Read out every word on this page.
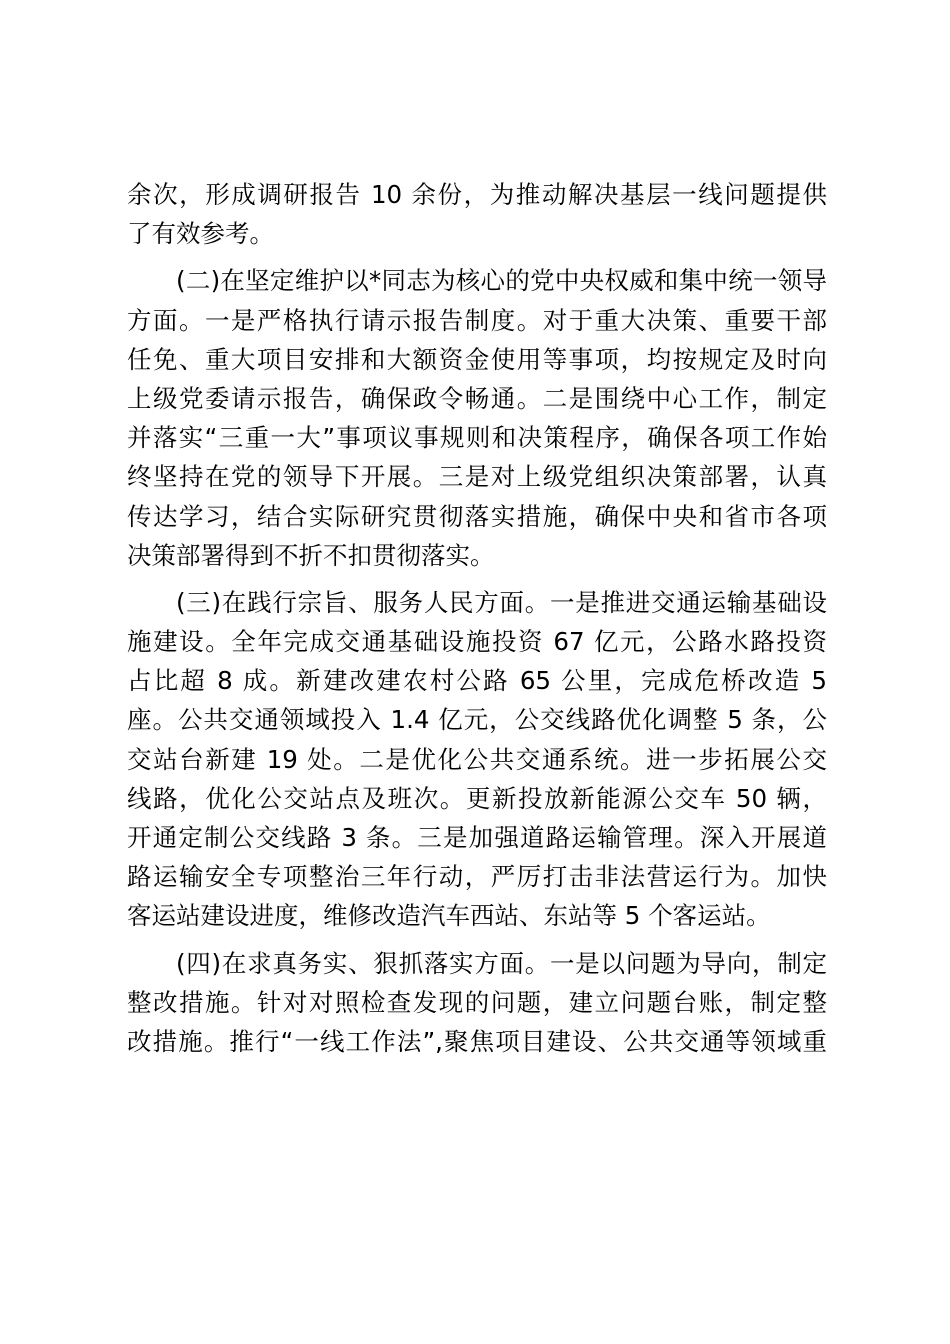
余次，形成调研报告 10 余份，为推动解决基层一线问题提供
了有效参考。
(二)在坚定维护以*同志为核心的党中央权威和集中统一领导
方面。一是严格执行请示报告制度。对于重大决策、重要干部
任免、重大项目安排和大额资金使用等事项，均按规定及时向
上级党委请示报告，确保政令畅通。二是围绕中心工作，制定
并落实“三重一大”事项议事规则和决策程序，确保各项工作始
终坚持在党的领导下开展。三是对上级党组织决策部署，认真
传达学习，结合实际研究贯彻落实措施，确保中央和省市各项
决策部署得到不折不扣贯彻落实。
(三)在践行宗旨、服务人民方面。一是推进交通运输基础设
施建设。全年完成交通基础设施投资 67 亿元，公路水路投资
占比超 8 成。新建改建农村公路 65 公里，完成危桥改造 5
座。公共交通领域投入 1.4 亿元，公交线路优化调整 5 条，公
交站台新建 19 处。二是优化公共交通系统。进一步拓展公交
线路，优化公交站点及班次。更新投放新能源公交车 50 辆，
开通定制公交线路 3 条。三是加强道路运输管理。深入开展道
路运输安全专项整治三年行动，严厉打击非法营运行为。加快
客运站建设进度，维修改造汽车西站、东站等 5 个客运站。
(四)在求真务实、狠抓落实方面。一是以问题为导向，制定
整改措施。针对对照检查发现的问题，建立问题台账，制定整
改措施。推行“一线工作法”,聚焦项目建设、公共交通等领域重
